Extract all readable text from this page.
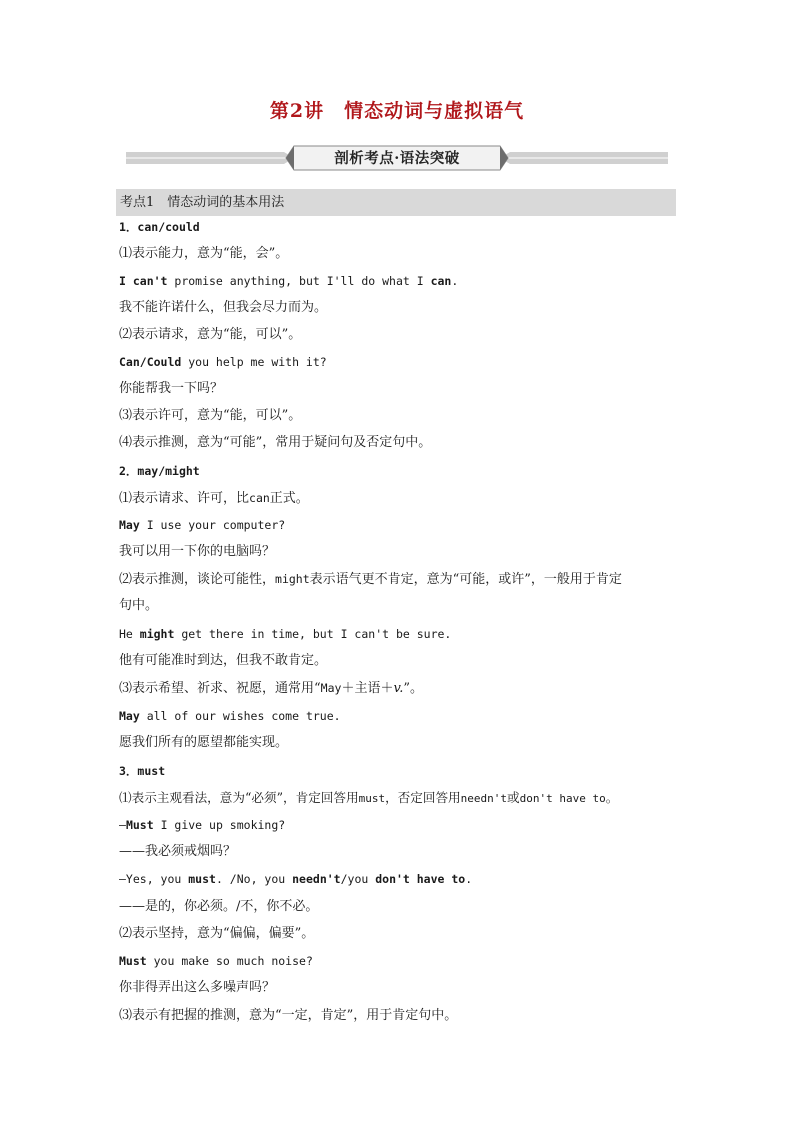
第2讲　情态动词与虚拟语气
剖析考点·语法突破
考点1　情态动词的基本用法
1．can/could
⑴表示能力，意为“能，会”。
I can't promise anything, but I'll do what I can.
我不能许诺什么，但我会尽力而为。
⑵表示请求，意为“能，可以”。
Can/Could you help me with it?
你能帮我一下吗？
⑶表示许可，意为“能，可以”。
⑷表示推测，意为“可能”，常用于疑问句及否定句中。
2．may/might
⑴表示请求、许可，比can正式。
May I use your computer?
我可以用一下你的电脑吗？
⑵表示推测，谈论可能性，might表示语气更不肯定，意为“可能，或许”，一般用于肯定
句中。
He might get there in time, but I can't be sure.
他有可能准时到达，但我不敢肯定。
⑶表示希望、祈求、祝愿，通常用“May＋主语＋v.”。
May all of our wishes come true.
愿我们所有的愿望都能实现。
3．must
⑴表示主观看法，意为“必须”，肯定回答用must，否定回答用needn't或don't have to。
—Must I give up smoking?
——我必须戒烟吗？
—Yes, you must. /No, you needn't/you don't have to.
——是的，你必须。/不，你不必。
⑵表示坚持，意为“偏偏，偏要”。
Must you make so much noise?
你非得弄出这么多噪声吗？
⑶表示有把握的推测，意为“一定，肯定”，用于肯定句中。
